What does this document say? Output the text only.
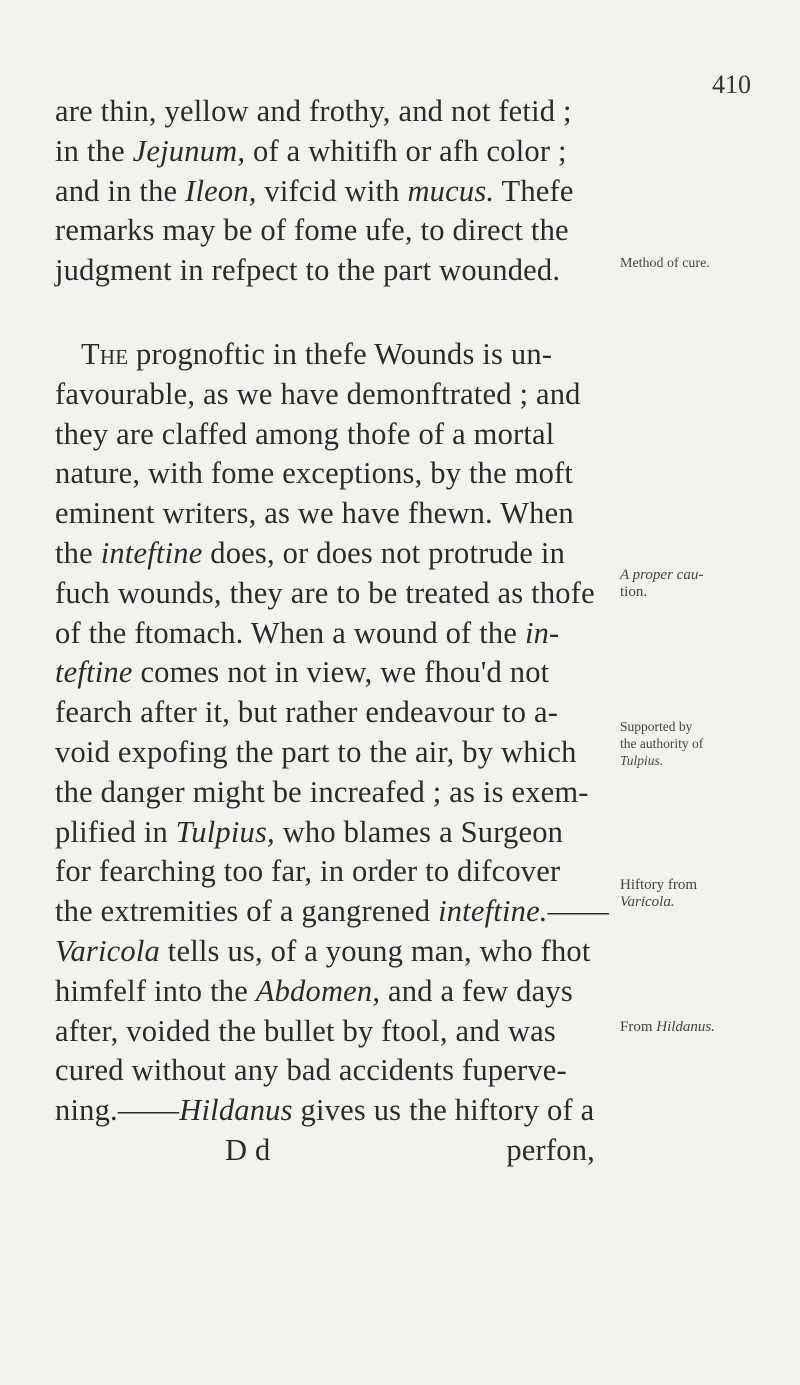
410
are thin, yellow and frothy, and not fetid ;
in the Jejunum, of a whitifh or afh color ;
and in the Ileon, vifcid with mucus. Thefe
remarks may be of fome ufe, to direct the
judgment in refpect to the part wounded.
The prognoftic in thefe Wounds is un-
favourable, as we have demonftrated ; and
they are claffed among thofe of a mortal
nature, with fome exceptions, by the moft
eminent writers, as we have fhewn. When
the inteftine does, or does not protrude in
fuch wounds, they are to be treated as thofe
of the ftomach. When a wound of the in-
teftine comes not in view, we fhou'd not
fearch after it, but rather endeavour to a-
void expofing the part to the air, by which
the danger might be increafed ; as is exem-
plified in Tulpius, who blames a Surgeon
for fearching too far, in order to difcover
the extremities of a gangrened inteftine.——
Varicola tells us, of a young man, who fhot
himfelf into the Abdomen, and a few days
after, voided the bullet by ftool, and was
cured without any bad accidents fuperve-
ning.——Hildanus gives us the hiftory of a
D d	perfon,
Method of cure.
A proper cau-
tion.
Supported by
the authority of
Tulpius.
Hiftory from
Varicola.
From Hildanus.
